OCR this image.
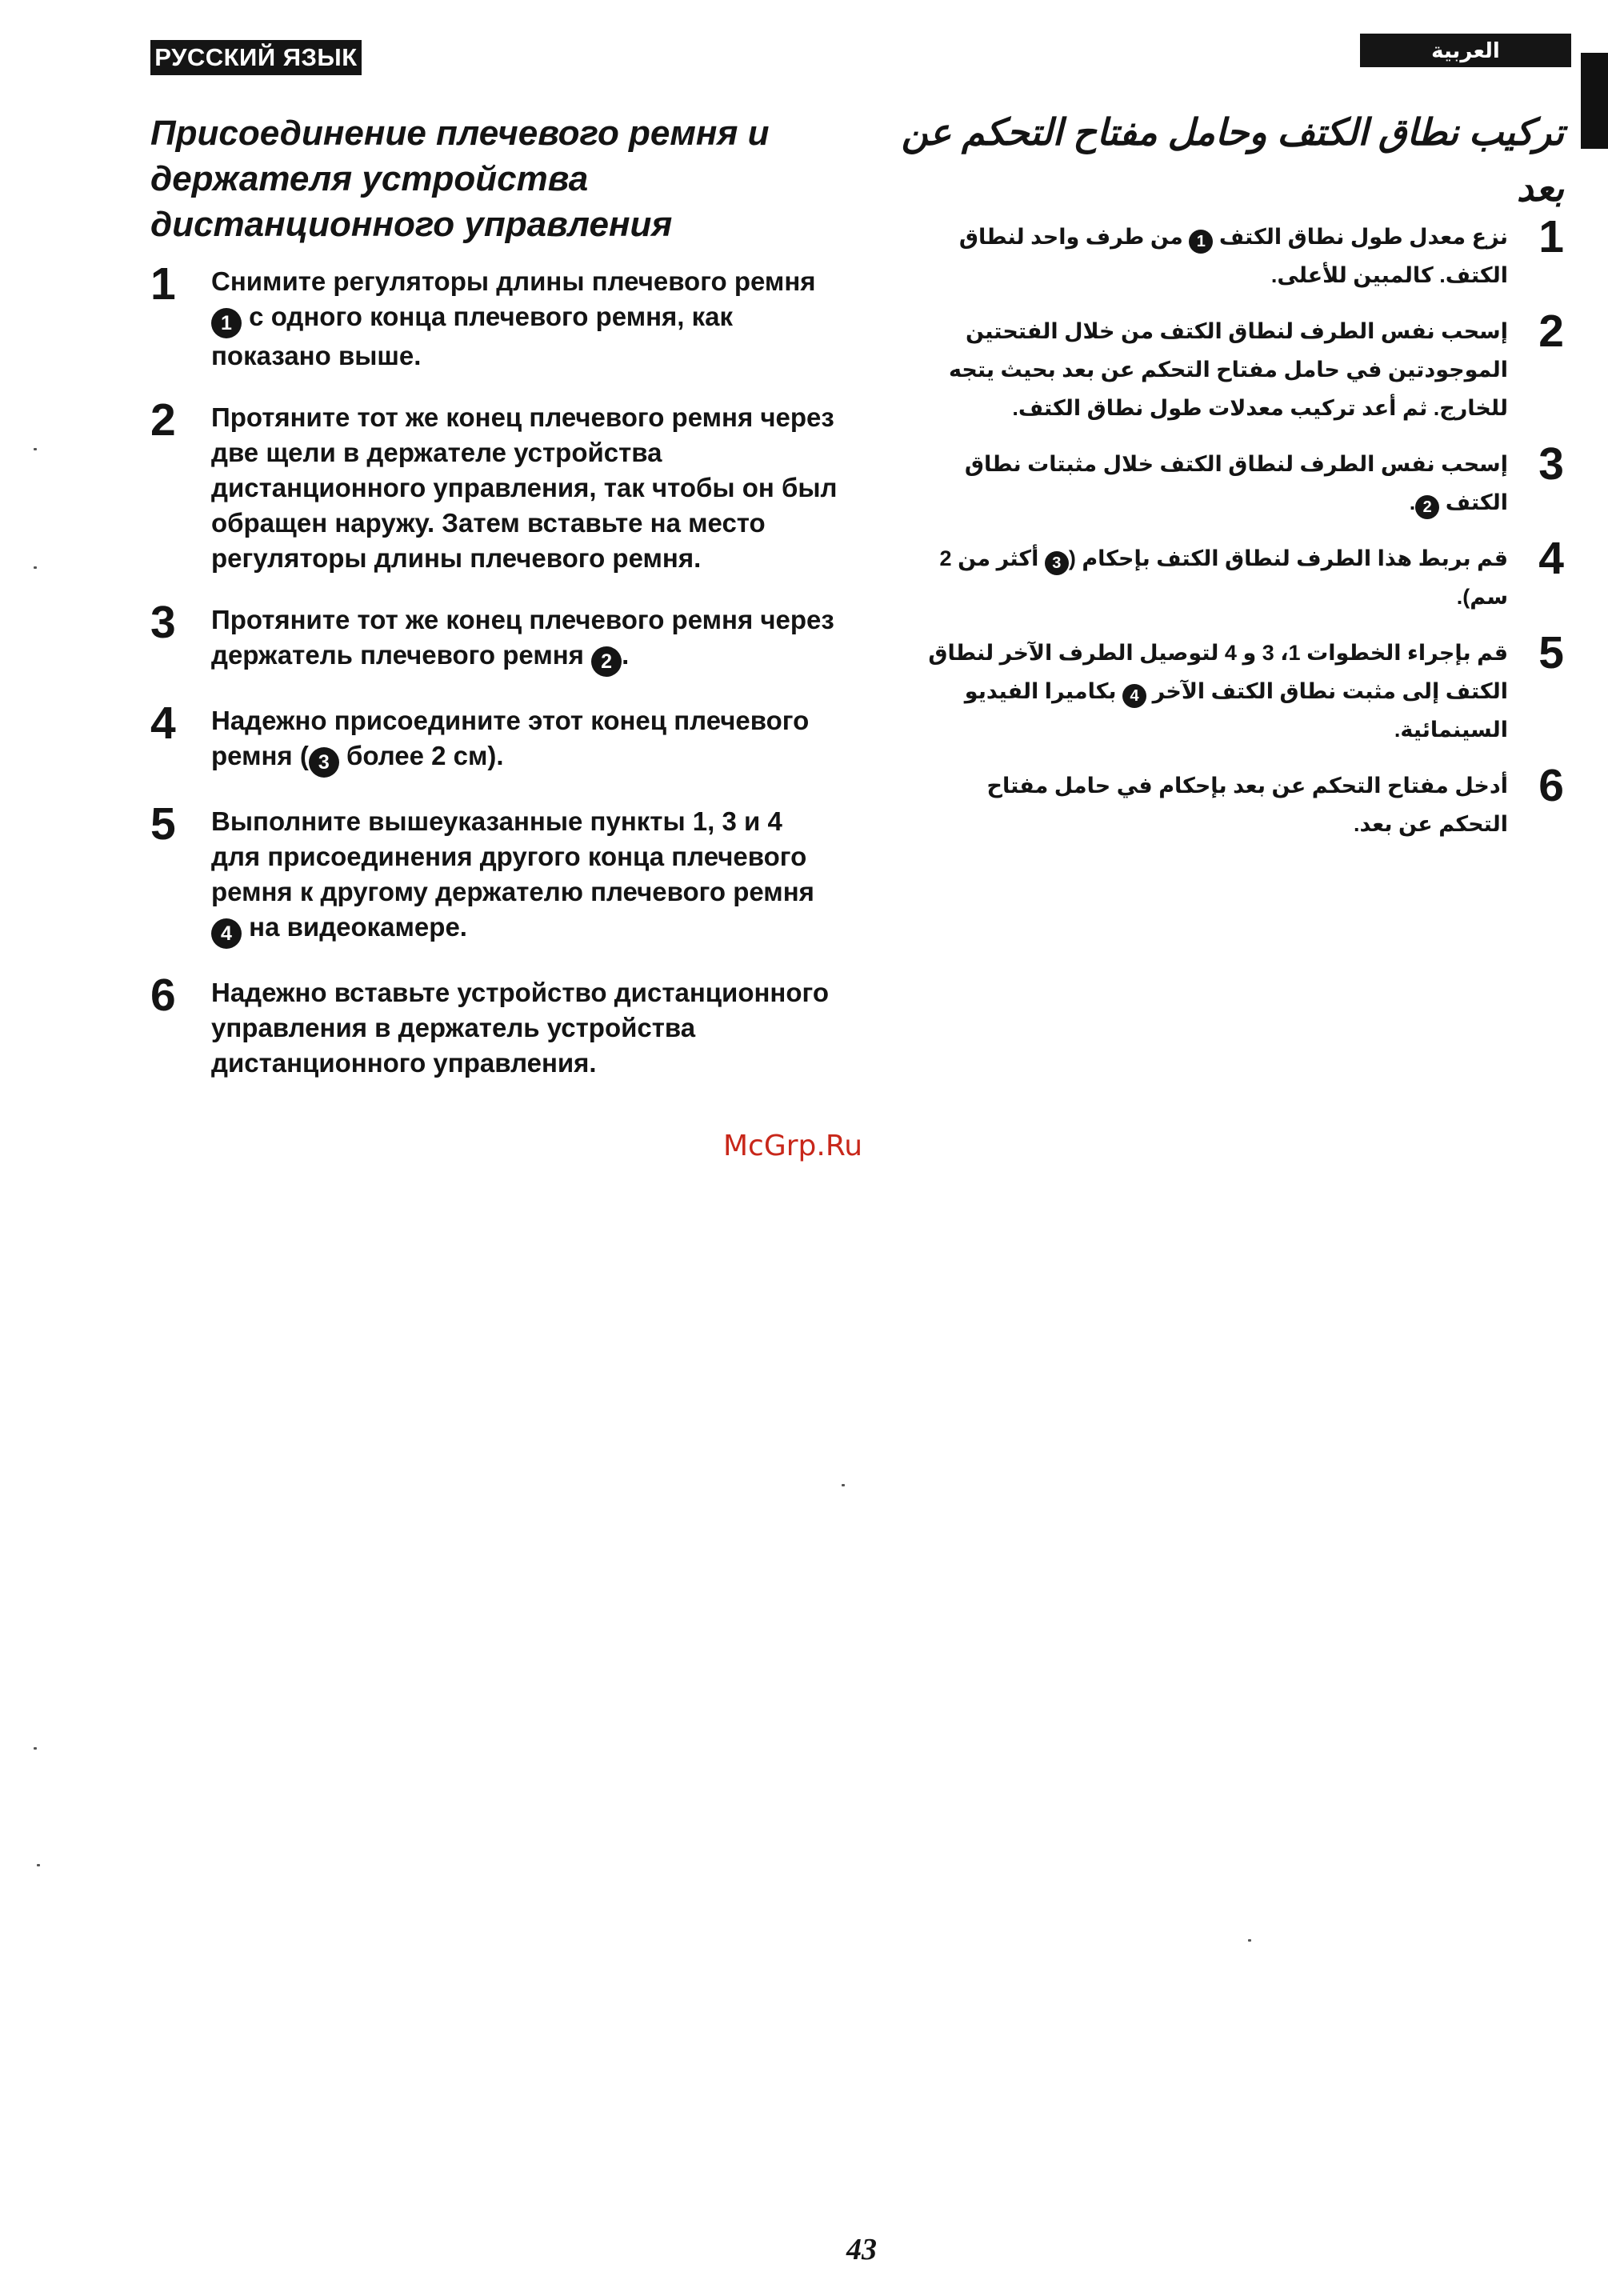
РУССКИЙ ЯЗЫК	العربية
Присоединение плечевого ремня и держателя устройства дистанционного управления
تركيب نطاق الكتف وحامل مفتاح التحكم عن بعد
1 Снимите регуляторы длины плечевого ремня 1 с одного конца плечевого ремня, как показано выше.
2 Протяните тот же конец плечевого ремня через две щели в держателе устройства дистанционного управления, так чтобы он был обращен наружу. Затем вставьте на место регуляторы длины плечевого ремня.
3 Протяните тот же конец плечевого ремня через держатель плечевого ремня 2 .
4 Надежно присоедините этот конец плечевого ремня ( 3 более 2 см).
5 Выполните вышеуказанные пункты 1, 3 и 4 для присоединения другого конца плечевого ремня к другому держателю плечевого ремня 4 на видеокамере.
6 Надежно вставьте устройство дистанционного управления в держатель устройства дистанционного управления.
1
نزع معدل طول نطاق الكتف 1 من طرف واحد لنطاق الكتف. كالمبين للأعلى.
2
إسحب نفس الطرف لنطاق الكتف من خلال الفتحتين الموجودتين في حامل مفتاح التحكم عن بعد بحيث يتجه للخارج. ثم أعد تركيب معدلات طول نطاق الكتف.
3
إسحب نفس الطرف لنطاق الكتف خلال مثبتات نطاق الكتف 2.
4
قم بربط هذا الطرف لنطاق الكتف بإحكام (3 أكثر من 2 سم).
5
قم بإجراء الخطوات 1، 3 و 4 لتوصيل الطرف الآخر لنطاق الكتف إلى مثبت نطاق الكتف الآخر 4 بكاميرا الفيديو السينمائية.
6
أدخل مفتاح التحكم عن بعد بإحكام في حامل مفتاح التحكم عن بعد.
McGrp.Ru
43
